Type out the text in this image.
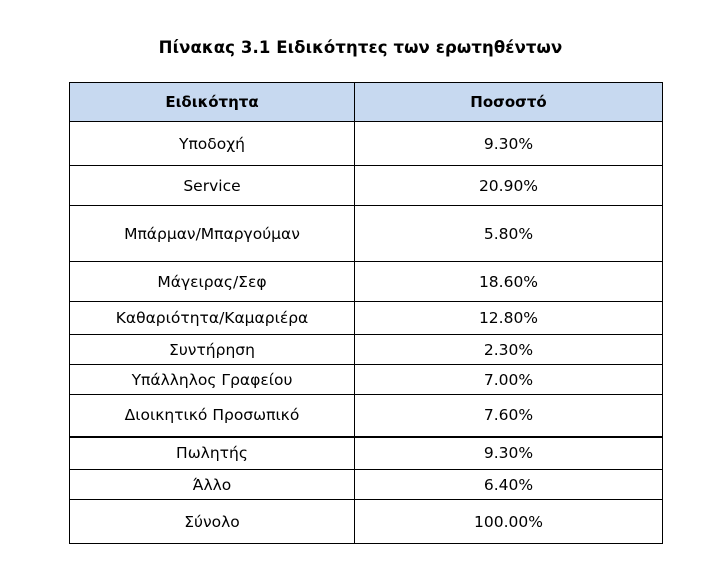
Πίνακας 3.1 Ειδικότητες των ερωτηθέντων
Ειδικότητα	Ποσοστό
Υποδοχή	9.30%
Service	20.90%
Μπάρμαν/Μπαργούμαν	5.80%
Μάγειρας/Σεφ	18.60%
Καθαριότητα/Καμαριέρα	12.80%
Συντήρηση	2.30%
Υπάλληλος Γραφείου	7.00%
Διοικητικό Προσωπικό	7.60%
Πωλητής	9.30%
Άλλο	6.40%
Σύνολο	100.00%
